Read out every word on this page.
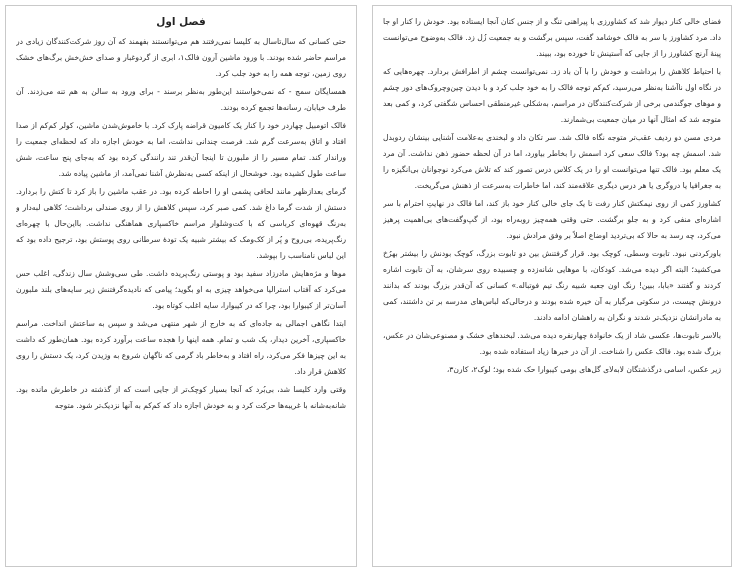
فصل اول

حتی کسانی که سال‌تاسال به کلیسا نمی‌رفتند هم می‌توانستند بفهمند که آن روز شرکت‌کنندگان زیادی در مراسم حاضر شده بودند. با ورود ماشین آرون فالک۱، ابری از گردوغبار و صدای خش‌خش برگ‌های خشک روی زمین، توجه همه را به خود جلب کرد.

همسایگان سمج - که نمی‌خواستند این‌طور به‌نظر برسند - برای ورود به سالن به هم تنه می‌زدند. آن طرف خیابان، رسانه‌ها تجمع کرده بودند.

فالک اتومبیل چهاردر خود را کنار یک کامیون قراضه پارک کرد. با خاموش‌شدن ماشین، کولر کم‌کم از صدا افتاد و اتاق به‌سرعت گرم شد. فرصت چندانی نداشت، اما به خودش اجازه داد که لحظه‌ای جمعیت را وراندار کند. تمام مسیر را از ملبورن تا اینجا آن‌قدر تند رانندگی کرده بود که به‌جای پنج ساعت، شش ساعت طول کشیده بود. خوشحال از اینکه کسی به‌نظرش آشنا نمی‌آمد، از ماشین پیاده شد.

گرمای بعدازظهر مانند لحافی پشمی او را احاطه کرده بود. در عقب ماشین را باز کرد تا کتش را بردارد. دستش از شدت گرما داغ شد. کمی صبر کرد، سپس کلاهش را از روی صندلی برداشت؛ کلاهی لبه‌دار و به‌رنگ قهوه‌ای کرباسی که با کت‌وشلوار مراسم خاکسپاری هماهنگی نداشت. بااین‌حال با چهره‌ای رنگ‌پریده، بی‌روح و پُر از کک‌ومک که بیشتر شبیه یک تودهٔ سرطانی روی پوستش بود، ترجیح داده بود که این لباس نامناسب را بپوشد.

موها و مژه‌هایش مادرزاد سفید بود و پوستی رنگ‌پریده داشت. طی سی‌وشش سال زندگی، اغلب حس می‌کرد که آفتاب استرالیا می‌خواهد چیزی به او بگوید؛ پیامی که نادیده‌گرفتنش زیر سایه‌های بلند ملبورن آسان‌تر از کیبوارا بود، چرا که در کیبوارا، سایه اغلب کوتاه بود.

ابتدا نگاهی اجمالی به جاده‌ای که به خارج از شهر منتهی می‌شد و سپس به ساعتش انداخت. مراسم خاکسپاری، آخرین دیدار، یک شب و تمام. همه اینها را هجده ساعت برآورد کرده بود. همان‌طور که داشت به این چیزها فکر می‌کرد، راه افتاد و به‌خاطر باد گرمی که ناگهان شروع به وزیدن کرد، یک دستش را روی کلاهش قرار داد.

وقتی وارد کلیسا شد، بی‌بُرد که آنجا بسیار کوچک‌تر از جایی است که از گذشته در خاطرش مانده بود. شانه‌به‌شانه با غریبه‌ها حرکت کرد و به خودش اجازه داد که کم‌کم به آنها نزدیک‌تر شود. متوجه

فضای خالی کنار دیوار شد که کشاورزی با پیراهنی تنگ و از جنس کتان آنجا ایستاده بود. خودش را کنار او جا داد. مرد کشاورز با سر به فالک خوشامد گفت، سپس برگشت و به جمعیت زُل زد. فالک به‌وضوح می‌توانست پینهٔ آرنج کشاورز را از جایی که آستینش تا خورده بود، ببیند.

با احتیاط کلاهش را برداشت و خودش را با آن باد زد. نمی‌توانست چشم از اطرافش بردارد. چهره‌هایی که در نگاه اول ناآشنا به‌نظر می‌رسید، کم‌کم توجه فالک را به خود جلب کرد و با دیدن چین‌وچروک‌های دور چشم و موهای جوگندمی برخی از شرکت‌کنندگان در مراسم، به‌شکلی غیرمنطقی احساس شگفتی کرد، و کمی بعد متوجه شد که امثال آنها در میان جمعیت بی‌شمارند.

مردی مسن دو ردیف عقب‌تر متوجه نگاه فالک شد. سر تکان داد و لبخندی به‌علامت آشنایی بینشان ردوبدل شد. اسمش چه بود؟ فالک سعی کرد اسمش را بخاطر بیاورد، اما در آن لحظه حضور ذهن نداشت. آن مرد یک معلم بود. فالک تنها می‌توانست او را در یک کلاس درس تصور کند که تلاش می‌کرد نوجوانان بی‌انگیزه را به جغرافیا یا دروگری یا هر درس دیگری علاقه‌مند کند، اما خاطرات به‌سرعت از ذهنش می‌گریخت.

کشاورز کمی از روی نیمکتش کنار رفت تا یک جای خالی کنار خود باز کند، اما فالک در نهایتِ احترام با سر اشاره‌ای منفی کرد و به جلو برگشت. حتی وقتی همه‌چیز روبه‌راه بود، از گپ‌وگفت‌های بی‌اهمیت پرهیز می‌کرد، چه رسد به حالا که بی‌تردید اوضاع اصلاً بر وفق مرادش نبود.

باورکردنی نبود. تابوت وسطی، کوچک بود. قرار گرفتنش بین دو تابوت بزرگ، کوچک بودنش را بیشتر بهرُخ می‌کشید؛ البته اگر دیده می‌شد. کودکان، با موهایی شانه‌زده و چسبیده روی سرشان، به آن تابوت اشاره کردند و گفتند «بابا، ببین! رنگ اون جعبه شبیه رنگ تیم فوتباله.» کسانی که آن‌قدر بزرگ بودند که بدانند درونش چیست، در سکوتی مرگبار به آن خیره شده بودند و درحالی‌که لباس‌های مدرسه بر تن داشتند، کمی به مادرانشان نزدیک‌تر شدند و نگران به راهشان ادامه دادند.

بالاسر تابوت‌ها، عکسی شاد از یک خانوادهٔ چهارنفره دیده می‌شد. لبخندهای خشک و مصنوعی‌شان در عکس، بزرگ شده بود. فالک عکس را شناخت. از آن در خبرها زیاد استفاده شده بود.

زیر عکس، اسامی درگذشتگان لابه‌لای گل‌های بومی کیبوارا حک شده بود؛ لوک۲، کارن۳،
